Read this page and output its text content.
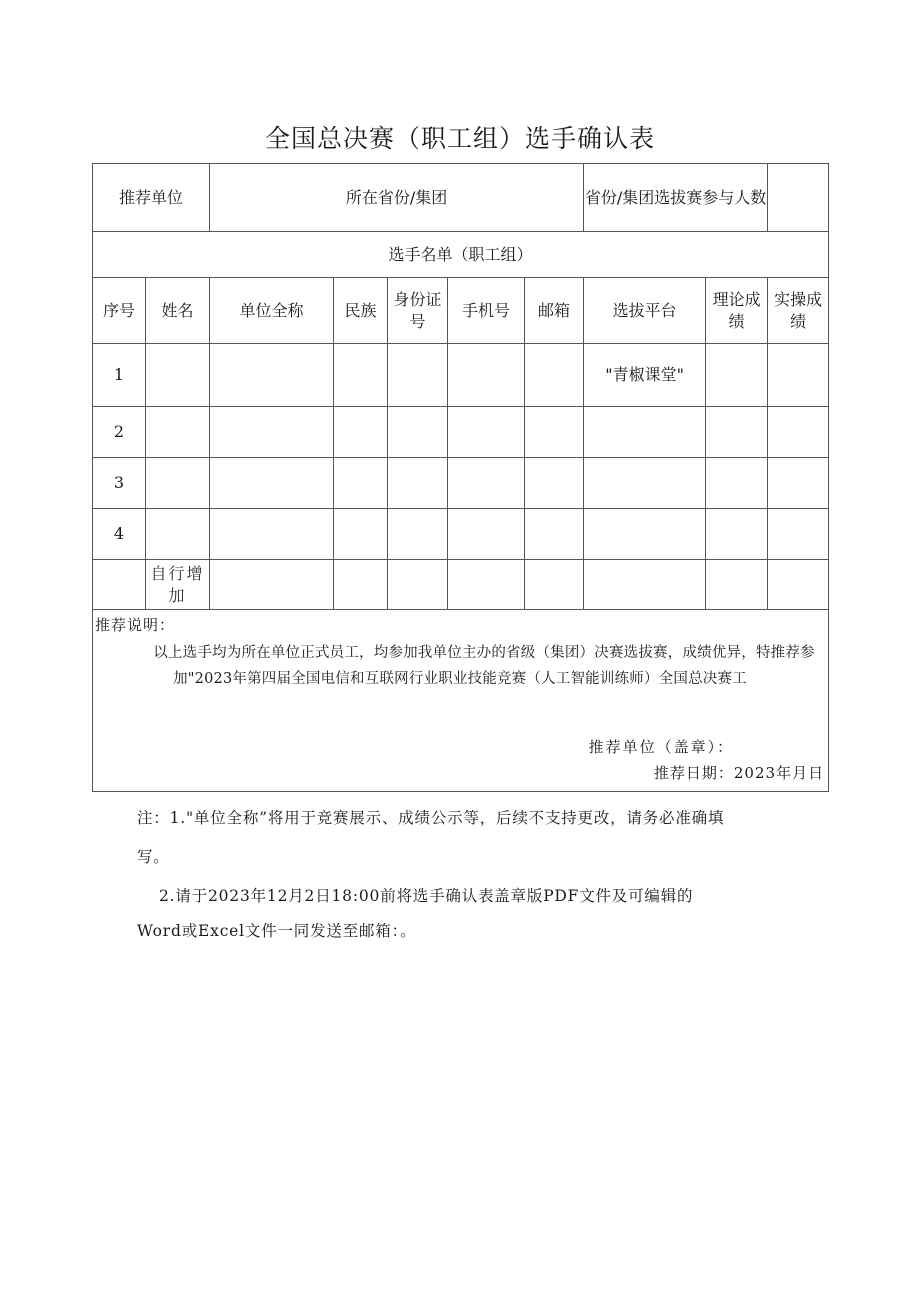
全国总决赛（职工组）选手确认表
推荐单位		所在省份/集团					省份/集团选拔赛参与人数		
选手名单（职工组）									
序号	姓名	单位全称	民族	身份证号	手机号	邮箱	选拔平台	理论成绩	实操成绩
1							"青椒课堂"		
2									
3									
4									
	自行增加								

推荐说明：
以上选手均为所在单位正式员工，均参加我单位主办的省级（集团）决赛选拔赛，成绩优异，特推荐参加"2023年第四届全国电信和互联网行业职业技能竞赛（人工智能训练师）全国总决赛工
推荐单位（盖章）：
推荐日期：2023年月日									
注：1."单位全称”将用于竞赛展示、成绩公示等，后续不支持更改，请务必准确填
写。
2.请于2023年12月2日18:00前将选手确认表盖章版PDF文件及可编辑的
Word或Excel文件一同发送至邮箱：。
